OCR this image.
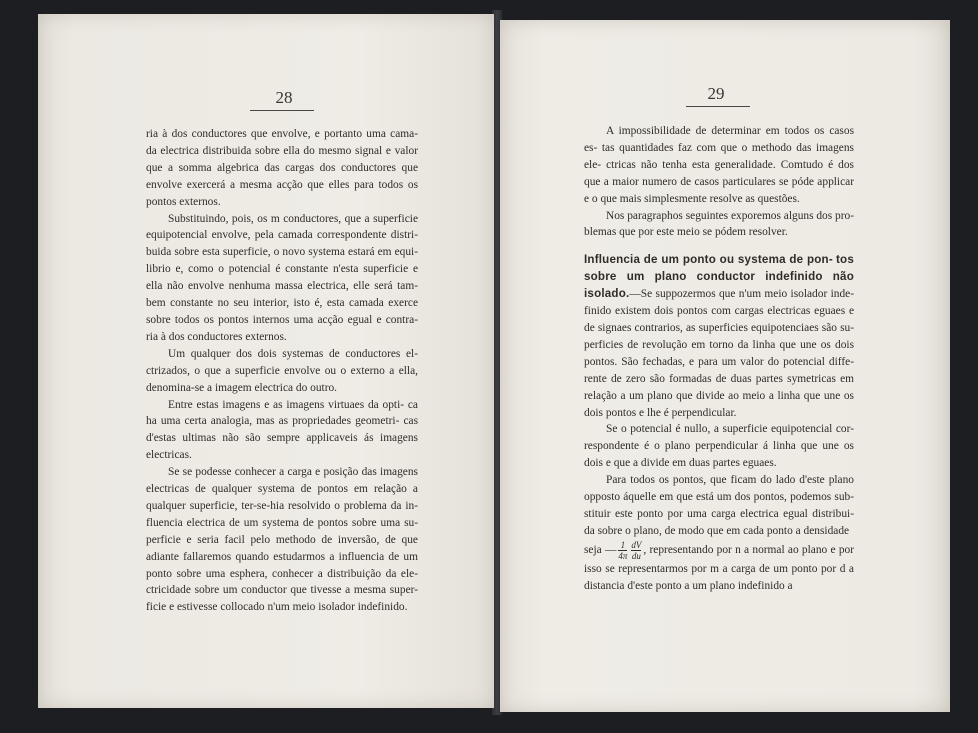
28

ria à dos conductores que envolve, e portanto uma cama- da electrica distribuida sobre ella do mesmo signal e valor que a somma algebrica das cargas dos conductores que envolve exercerá a mesma acção que elles para todos os pontos externos.

Substituindo, pois, os m conductores, que a superficie equipotencial envolve, pela camada correspondente distri- buida sobre esta superficie, o novo systema estará em equi- librio e, como o potencial é constante n'esta superficie e ella não envolve nenhuma massa electrica, elle será tam- bem constante no seu interior, isto é, esta camada exerce sobre todos os pontos internos uma acção egual e contra- ria à dos conductores externos.

Um qualquer dos dois systemas de conductores el- ctrizados, o que a superficie envolve ou o externo a ella, denomina-se a imagem electrica do outro.

Entre estas imagens e as imagens virtuaes da opti- ca ha uma certa analogia, mas as propriedades geometri- cas d'estas ultimas não são sempre applicaveis ás imagens electricas.

Se se podesse conhecer a carga e posição das imagens electricas de qualquer systema de pontos em relação a qualquer superficie, ter-se-hia resolvido o problema da in- fluencia electrica de um systema de pontos sobre uma su- perficie e seria facil pelo methodo de inversão, de que adiante fallaremos quando estudarmos a influencia de um ponto sobre uma esphera, conhecer a distribuição da ele- ctricidade sobre um conductor que tivesse a mesma super- ficie e estivesse collocado n'um meio isolador indefinido.

29

A impossibilidade de determinar em todos os casos es- tas quantidades faz com que o methodo das imagens ele- ctricas não tenha esta generalidade. Comtudo é dos que a maior numero de casos particulares se póde applicar e o que mais simplesmente resolve as questões.

Nos paragraphos seguintes exporemos alguns dos pro- blemas que por este meio se pódem resolver.

Influencia de um ponto ou systema de pon- tos sobre um plano conductor indefinido não isolado.—Se suppozermos que n'um meio isolador inde- finido existem dois pontos com cargas electricas eguaes e de signaes contrarios, as superficies equipotenciaes são su- perficies de revolução em torno da linha que une os dois pontos. São fechadas, e para um valor do potencial diffe- rente de zero são formadas de duas partes symetricas em relação a um plano que divide ao meio a linha que une os dois pontos e lhe é perpendicular.

Se o potencial é nullo, a superficie equipotencial cor- respondente é o plano perpendicular á linha que une os dois e que a divide em duas partes eguaes.

Para todos os pontos, que ficam do lado d'este plano opposto áquelle em que está um dos pontos, podemos sub- stituir este ponto por uma carga electrica egual distribui- da sobre o plano, de modo que em cada ponto a densidade

seja — $\frac{1}{4\pi} \frac{dV}{du}$ , representando por n a normal ao plano e por isso se representarmos por m a carga de um ponto por d a distancia d'este ponto a um plano indefinido a
